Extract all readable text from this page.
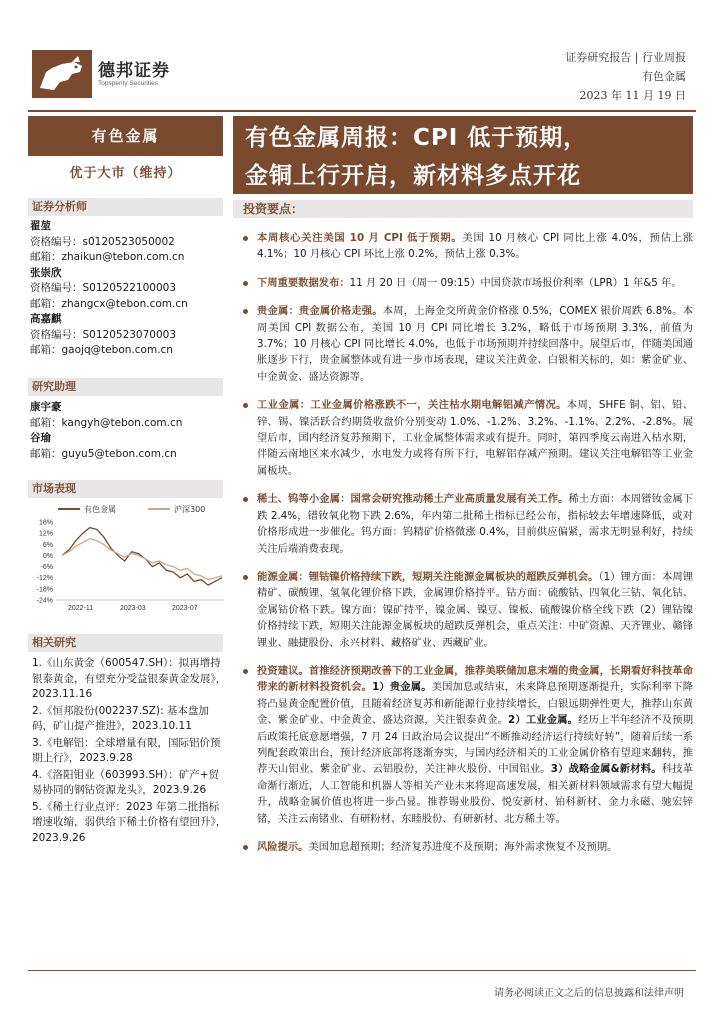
德邦证券
Topsperity Securities
证券研究报告 | 行业周报
有色金属
2023 年 11 月 19 日
有色金属
优于大市（维持）
有色金属周报：CPI 低于预期，
金铜上行开启，新材料多点开花
证券分析师
翟堃
资格编号：s0120523050002
邮箱：zhaikun@tebon.com.cn
张崇欣
资格编号：S0120522100003
邮箱：zhangcx@tebon.com.cn
高嘉麒
资格编号：S0120523070003
邮箱：gaojq@tebon.com.cn
研究助理
康宇豪
邮箱：kangyh@tebon.com.cn
谷瑜
邮箱：guyu5@tebon.com.cn
市场表现
有色金属	沪深300
18%
12%
6%
0%
-6%
-12%
-18%
-24%
2022-11	2023-03	2023-07
相关研究
1.《山东黄金（600547.SH）：拟再增持银泰黄金，有望充分受益银泰黄金发展》，2023.11.16
2.《恒邦股份(002237.SZ): 基本盘加码，矿山提产推进》，2023.10.11
3.《电解铝：全球增量有限，国际铝价预期上行》，2023.9.28
4.《洛阳钼业（603993.SH）：矿产+贸易协同的钢钴资源龙头》，2023.9.26
5.《稀土行业点评：2023 年第二批指标增速收缩，弱供给下稀土价格有望回升》，2023.9.26
投资要点：
本周核心关注美国 10 月 CPI 低于预期。美国 10 月核心 CPI 同比上涨 4.0%，预估上涨 4.1%；10 月核心 CPI 环比上涨 0.2%，预估上涨 0.3%。
下周重要数据发布：11 月 20 日（周一 09:15）中国贷款市场报价利率（LPR）1 年&5 年。
贵金属：贵金属价格走强。本周，上海金交所黄金价格涨 0.5%，COMEX 银价周跌 6.8%。本周美国 CPI 数据公布，美国 10 月 CPI 同比增长 3.2%，略低于市场预期 3.3%，前值为 3.7%；10 月核心 CPI 同比增长 4.0%，也低于市场预期并持续回落中。展望后市，伴随美国通胀逐步下行，贵金属整体或有进一步市场表现，建议关注黄金、白银相关标的，如：紫金矿业、中金黄金、盛达资源等。
工业金属：工业金属价格涨跌不一，关注枯水期电解铝减产情况。本周，SHFE 铜、铝、铅、锌、锡、镍活跃合约期货收盘价分别变动 1.0%、-1.2%、3.2%、-1.1%、2.2%、-2.8%。展望后市，国内经济复苏预期下，工业金属整体需求或有提升。同时，第四季度云南进入枯水期，伴随云南地区来水减少，水电发力或将有所下行，电解铝存减产预期。建议关注电解铝等工业金属板块。
稀土、钨等小金属：国常会研究推动稀土产业高质量发展有关工作。稀土方面：本周镨钕金属下跌 2.4%，镨钕氧化物下跌 2.6%，年内第二批稀土指标已经公布，指标较去年增速降低，或对价格形成进一步催化。钨方面：钨精矿价格微涨 0.4%，目前供应偏紧，需求无明显利好，持续关注后端消费表现。
能源金属：锂钴镍价格持续下跌，短期关注能源金属板块的超跌反弹机会。（1）锂方面：本周锂精矿、碳酸锂、氢氧化锂价格下跌，金属锂价格持平。钴方面：硫酸钴、四氧化三钴、氧化钴、金属钴价格下跌。镍方面：镍矿持平，镍金属、镍豆、镍板、硫酸镍价格全线下跌（2）锂钴镍价格持续下跌，短期关注能源金属板块的超跌反弹机会，重点关注：中矿资源、天齐锂业、赣锋锂业、融捷股份、永兴材料、藏格矿业、西藏矿业。
投资建议。首推经济预期改善下的工业金属，推荐美联储加息末端的贵金属，长期看好科技革命带来的新材料投资机会。1）贵金属。美国加息或结束，未来降息预期逐渐提升，实际利率下降将凸显黄金配置价值，且随着经济复苏和新能源行业持续增长，白银远期弹性更大，推荐山东黄金、紫金矿业、中金黄金、盛达资源，关注银泰黄金。2）工业金属。经历上半年经济不及预期后政策托底意愿增强，7 月 24 日政治局会议提出“不断推动经济运行持续好转”，随着后续一系列配套政策出台，预计经济底部将逐渐夯实，与国内经济相关的工业金属价格有望迎来翻转，推荐天山铝业、紫金矿业、云铝股份，关注神火股份、中国铝业。3）战略金属&新材料。科技革命渐行渐近，人工智能和机器人等相关产业未来将迎高速发展，相关新材料领域需求有望大幅提升，战略金属价值也将进一步凸显。推荐锡业股份、悦安新材、铂科新材、金力永磁、驰宏锌锗，关注云南锗业、有研粉材、东睦股份、有研新材、北方稀土等。
风险提示。美国加息超预期；经济复苏进度不及预期；海外需求恢复不及预期。
请务必阅读正文之后的信息披露和法律声明
